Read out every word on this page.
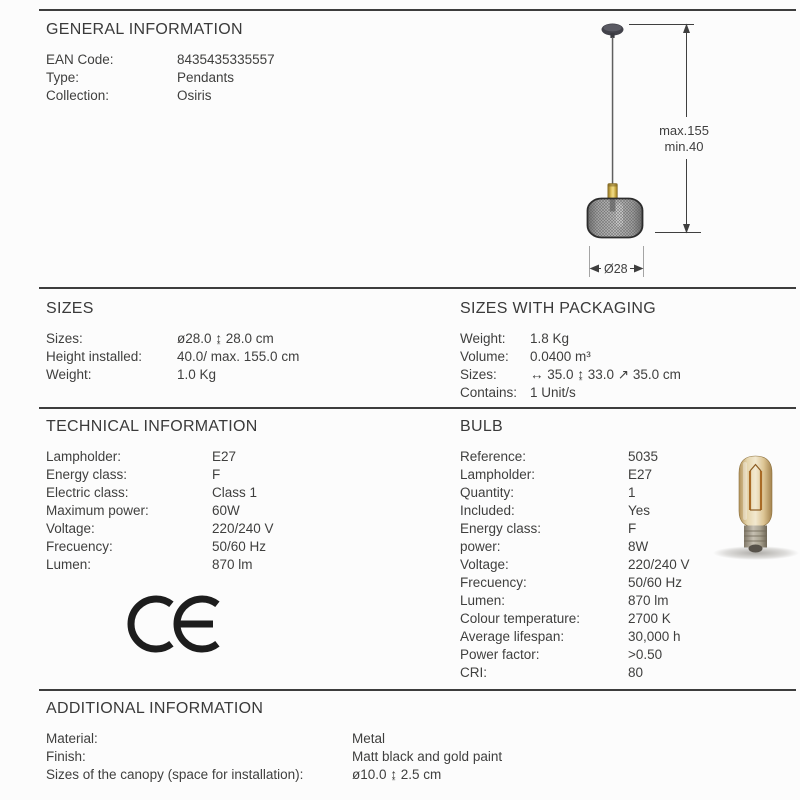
GENERAL INFORMATION
EAN Code:	8435435335557
Type:	Pendants
Collection:	Osiris
max.155
min.40
Ø28
SIZES
Sizes:	ø28.0 ↨ 28.0 cm
Height installed:	40.0/ max. 155.0 cm
Weight:	1.0 Kg
SIZES WITH PACKAGING
Weight:	1.8 Kg
Volume:	0.0400 m³
Sizes:	↔ 35.0 ↨ 33.0 ↗ 35.0 cm
Contains: 1 Unit/s
TECHNICAL INFORMATION
Lampholder:	E27
Energy class:	F
Electric class:	Class 1
Maximum power:	60W
Voltage:	220/240 V
Frecuency:	50/60 Hz
Lumen:	870 lm
BULB
Reference:	5035
Lampholder:	E27
Quantity:	1
Included:	Yes
Energy class:	F
power:	8W
Voltage:	220/240 V
Frecuency:	50/60 Hz
Lumen:	870 lm
Colour temperature:	2700 K
Average lifespan:	30,000 h
Power factor:	>0.50
CRI:	80
ADDITIONAL INFORMATION
Material:	Metal
Finish:	Matt black and gold paint
Sizes of the canopy (space for installation):	ø10.0 ↨ 2.5 cm
